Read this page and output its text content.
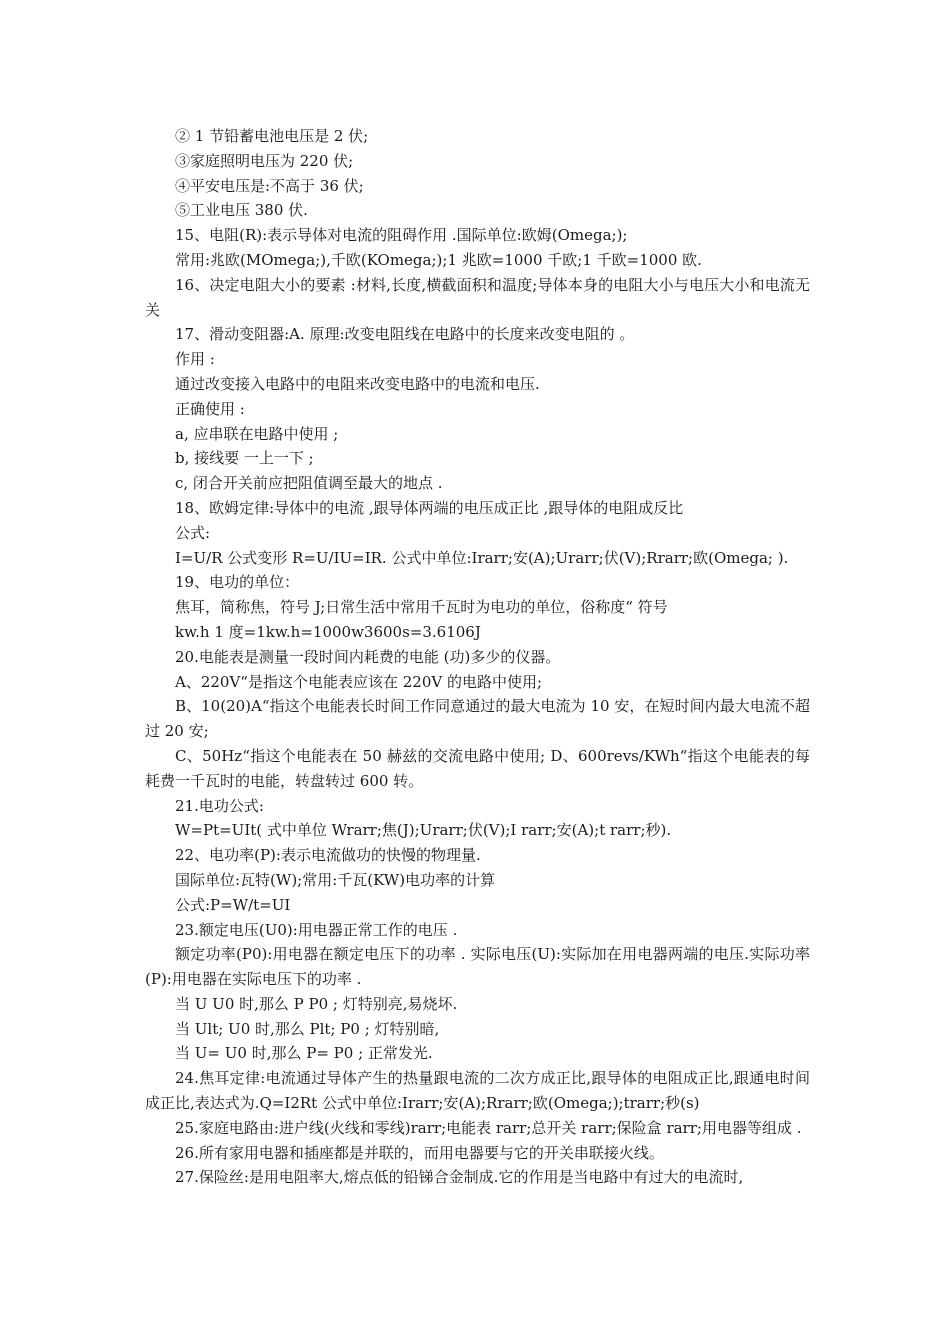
② 1 节铅蓄电池电压是 2 伏;

③家庭照明电压为 220 伏;

④平安电压是:不高于 36 伏;

⑤工业电压 380 伏.

15、电阻(R):表示导体对电流的阻碍作用 .国际单位:欧姆(Omega;);

常用:兆欧(MOmega;),千欧(KOmega;);1 兆欧=1000 千欧;1 千欧=1000 欧.

16、决定电阻大小的要素 :材料,长度,横截面积和温度;导体本身的电阻大小与电压大小和电流无关

17、滑动变阻器:A. 原理:改变电阻线在电路中的长度来改变电阻的 。

作用 :

通过改变接入电路中的电阻来改变电路中的电流和电压.

正确使用 :

a, 应串联在电路中使用 ;

b, 接线要 一上一下 ;

c, 闭合开关前应把阻值调至最大的地点 .

18、欧姆定律:导体中的电流 ,跟导体两端的电压成正比 ,跟导体的电阻成反比

公式:

I=U/R 公式变形 R=U/IU=IR. 公式中单位:Irarr;安(A);Urarr;伏(V);Rrarr;欧(Omega; ).

19、电功的单位：

焦耳，简称焦，符号 J;日常生活中常用千瓦时为电功的单位，俗称度“ 符号

kw.h 1 度=1kw.h=1000w3600s=3.6106J

20.电能表是测量一段时间内耗费的电能 (功)多少的仪器。

A、220V“是指这个电能表应该在 220V 的电路中使用;

B、10(20)A“指这个电能表长时间工作同意通过的最大电流为 10 安，在短时间内最大电流不超过 20 安;

C、50Hz“指这个电能表在 50 赫兹的交流电路中使用; D、600revs/KWh“指这个电能表的每耗费一千瓦时的电能，转盘转过 600 转。

21.电功公式:

W=Pt=UIt( 式中单位 Wrarr;焦(J);Urarr;伏(V);I rarr;安(A);t rarr;秒).

22、电功率(P):表示电流做功的快慢的物理量.

国际单位:瓦特(W);常用:千瓦(KW)电功率的计算

公式:P=W/t=UI

23.额定电压(U0):用电器正常工作的电压 .

额定功率(P0):用电器在额定电压下的功率 . 实际电压(U):实际加在用电器两端的电压.实际功率(P):用电器在实际电压下的功率 .

当 U U0 时,那么 P P0 ; 灯特别亮,易烧坏.

当 Ult; U0 时,那么 Plt; P0 ; 灯特别暗,

当 U= U0 时,那么 P= P0 ; 正常发光.

24.焦耳定律:电流通过导体产生的热量跟电流的二次方成正比,跟导体的电阻成正比,跟通电时间成正比,表达式为.Q=I2Rt 公式中单位:Irarr;安(A);Rrarr;欧(Omega;);trarr;秒(s)

25.家庭电路由:进户线(火线和零线)rarr;电能表 rarr;总开关 rarr;保险盒 rarr;用电器等组成 .

26.所有家用电器和插座都是并联的，而用电器要与它的开关串联接火线。

27.保险丝:是用电阻率大,熔点低的铅锑合金制成.它的作用是当电路中有过大的电流时,
